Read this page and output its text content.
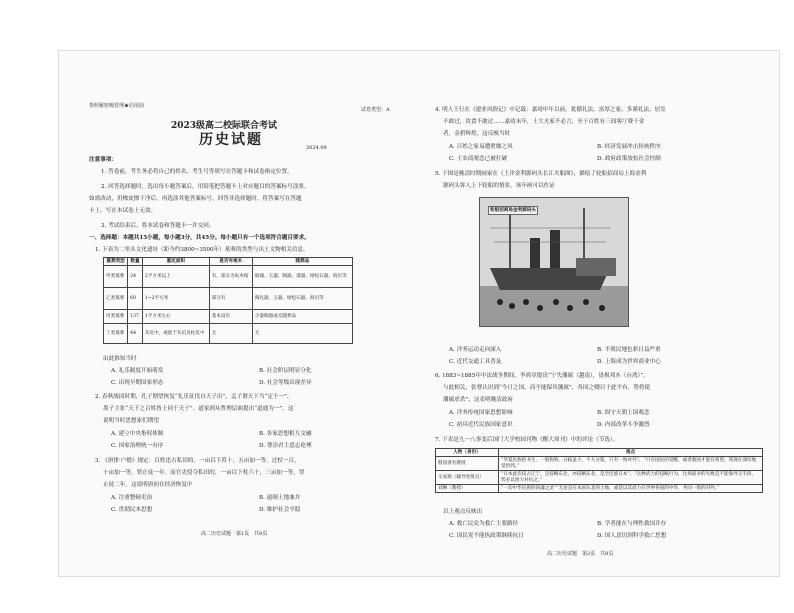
参照秘密级管理★启用前
试卷类型：A
2023级高二校际联合考试
历史试题	2024.09
注意事项：
1. 答卷前，考生务必将自己的姓名、考生号等填写在答题卡和试卷指定位置。
2. 回答选择题时，选出每小题答案后，用铅笔把答题卡上对应题目的答案标号涂黑。
如需改动，用橡皮擦干净后，再选涂其他答案标号。回答非选择题时，将答案写在答题
卡上。写在本试卷上无效。
3. 考试结束后，将本试卷和答题卡一并交回。
一、选择题：本题共15小题，每小题3分，共45分。每小题只有一个选项符合题目要求。
1. 下表为二里头文化遗址（距今约3800~3500年）墓葬的类型与出土文物相关信息。
墓葬类型	数量	墓坑面积	是否有棺木	随葬品
甲类墓葬	24	2平方米以上	有，部分为朱木棺	铜器、玉器、陶器、漆器、绿松石器、海贝等
乙类墓葬	60	1~2平方米	部分有	陶礼器、玉器、绿松石器、海贝等
丙类墓葬	137	1平方米左右	基本没有	少量陶器或无随葬品
丁类墓葬	44	灰坑中，或混于灰坑及柱坑中	无	无
由此推知当时
A. 礼乐制度开始萌发	B. 社会阶层明显分化
C. 出现早期国家形态	D. 社会等级出现差异
2. 春秋战国时期，孔子期望恢复“礼乐征伐自天子出”，孟子谓天下当“定于一”，
墨子主张“天下之百姓皆上同于天子”。道家则从哲理层面提出“道通为一”。这
说明当时思想家们期望
A. 建立中央集权体制	B. 各家思想相互交融
C. 国家治理统一有序	D. 尊崇君主意志伦理
3. 《唐律·户婚》规定：百姓违占私田的，一亩以下笞十，五亩加一等，过杖一百，
十亩加一等，罪止徒一年。而官吏侵夺私田的，一亩以下杖六十，三亩加一等，罪
止徒二年。这说明唐初在经济恢复中
A. 注重整顿吏治	B. 遏制土地兼并
C. 贯彻民本思想	D. 维护社会平稳
高二历史试题　第1页　共8页
4. 明人王行在《建业风俗记》中记载：嘉靖中年以前，犹循礼法，富厚之家，多谨礼法，居室
不敢过，饮食不敢过……嘉靖末年，士大夫家不必言，至于百姓有三间客厅费千金
者，金碧辉煌，这反映当时
A. 百姓之家易遭奢靡之风	B. 经济发展冲击传统秩序
C. 士农商观念已被打破	D. 政府政策放松社会控制
5. 下图是晚清时期画家在《上洋金利源码头长江夹船图》，描绘了轮船招商局上海金利
源码头客人上下轮船的情景，该年画可以佐证
轮船招商局金利源码头
A. 洋务运动走向深入	B. 半殖民地色彩日益严重
C. 近代交通工具普及	D. 上海成为世界商业中心
6. 1883~1885年中法战争期间，李鸿章提出“宁失藩属（越南），毋损邦本（台湾）”。
与此相关，张謇认识到“今日之国，而不能保其藩属”，各国之卿目于此不有，势将使
藩属虐杀”，这表明晚清政府
A. 洋务传统国家思想影响	B. 固守天朝上国观念
C. 初具近代民族国家意识	D. 内部改革斗争激烈
7. 下表是九一八事变后国门大学校园刊物《醒大周刊》中的评论（节选）。
人物（身份）	观点
殷园著名教授	“华夏民族的书生，一般狗狗，分歧虽小，不大分裂，只有一致对外”、“只有国民的觉醒，或者救国才能有希望，我现在深切地觉悟到。”
文家源（辅导处组员）	“日本此次侵占辽宁，是侵略东北，亦侵略东北，是全民族日本”、“这种武力的侵略行为，这场战争的失败是不能靠外交手段，势必以国力对抗之。”
刘琳（教授）	“一切中华民族的国魂之灵”“无论是在本国东北的土地，或是以其武力在世界各国的中华，共同一致的对外。”
以上观点反映出
A. 救亡民众为救亡主要路径	B. 学者能在与理性救国并存
C. 国民党不能执政策继续抗日	D. 国人意识到科学救亡思想
高二历史试题　第2页　共8页
